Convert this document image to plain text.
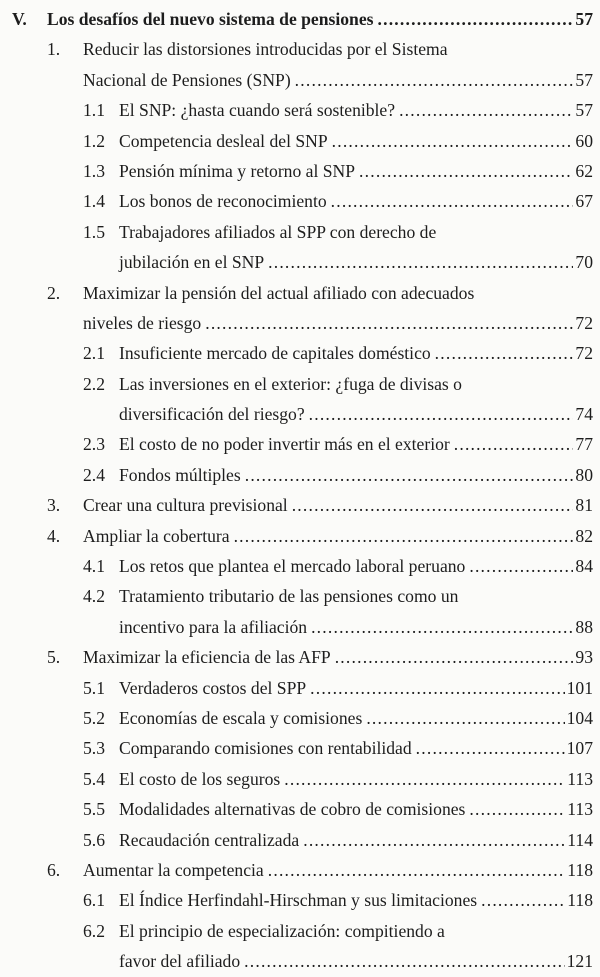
V. Los desafíos del nuevo sistema de pensiones .....	57
1. Reducir las distorsiones introducidas por el Sistema
Nacional de Pensiones (SNP) .....	57
1.1 El SNP: ¿hasta cuando será sostenible? .....	57
1.2 Competencia desleal del SNP .....	60
1.3 Pensión mínima y retorno al SNP .....	62
1.4 Los bonos de reconocimiento .....	67
1.5 Trabajadores afiliados al SPP con derecho de
jubilación en el SNP .....	70
2. Maximizar la pensión del actual afiliado con adecuados
niveles de riesgo .....	72
2.1 Insuficiente mercado de capitales doméstico .....	72
2.2 Las inversiones en el exterior: ¿fuga de divisas o
diversificación del riesgo? .....	74
2.3 El costo de no poder invertir más en el exterior .....	77
2.4 Fondos múltiples .....	80
3. Crear una cultura previsional .....	81
4. Ampliar la cobertura .....	82
4.1 Los retos que plantea el mercado laboral peruano .....	84
4.2 Tratamiento tributario de las pensiones como un
incentivo para la afiliación .....	88
5. Maximizar la eficiencia de las AFP .....	93
5.1 Verdaderos costos del SPP .....	101
5.2 Economías de escala y comisiones .....	104
5.3 Comparando comisiones con rentabilidad .....	107
5.4 El costo de los seguros .....	113
5.5 Modalidades alternativas de cobro de comisiones .....	113
5.6 Recaudación centralizada .....	114
6. Aumentar la competencia .....	118
6.1 El Índice Herfindahl-Hirschman y sus limitaciones .....	118
6.2 El principio de especialización: compitiendo a
favor del afiliado .....	121
